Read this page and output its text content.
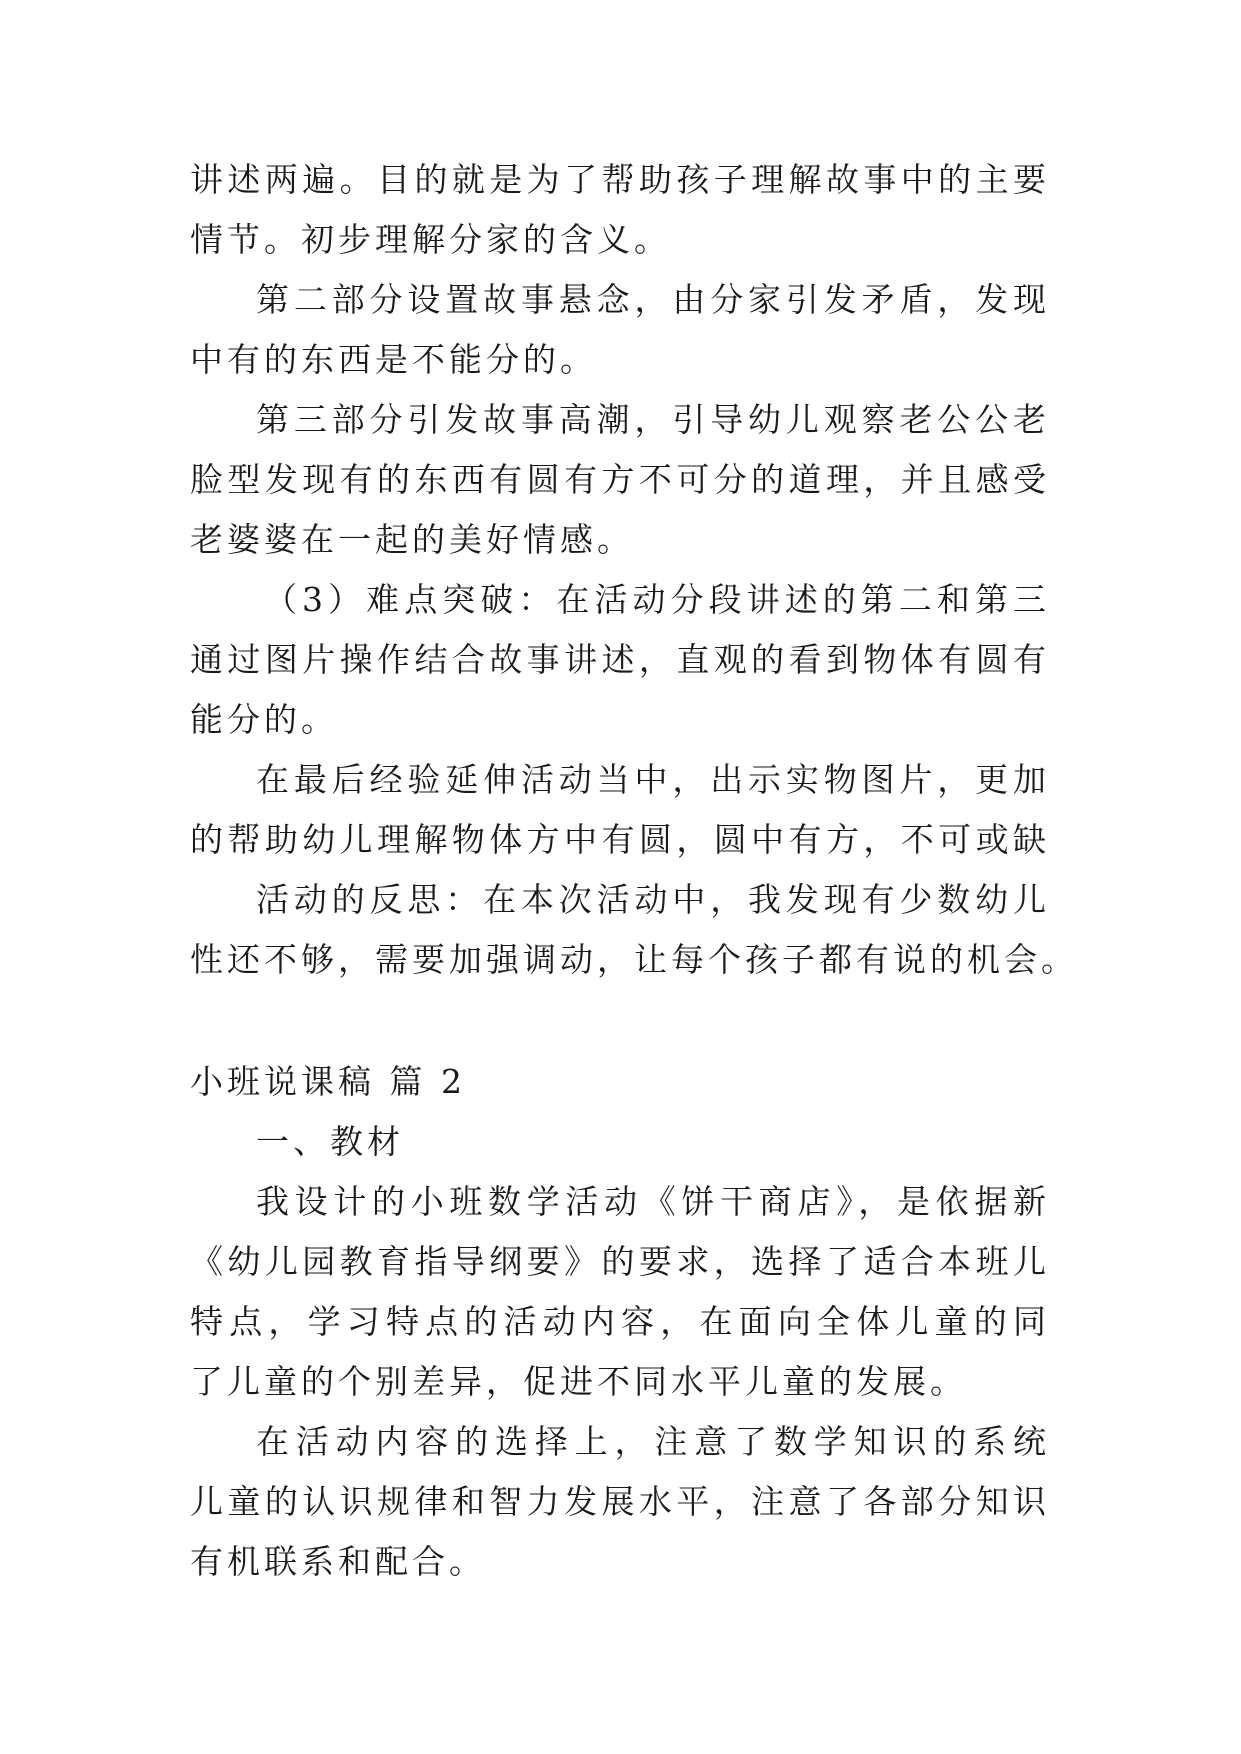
讲述两遍。目的就是为了帮助孩子理解故事中的主要
情节。初步理解分家的含义。
第二部分设置故事悬念，由分家引发矛盾，发现
中有的东西是不能分的。
第三部分引发故事高潮，引导幼儿观察老公公老
脸型发现有的东西有圆有方不可分的道理，并且感受
老婆婆在一起的美好情感。
（3）难点突破：在活动分段讲述的第二和第三
通过图片操作结合故事讲述，直观的看到物体有圆有
能分的。
在最后经验延伸活动当中，出示实物图片，更加
的帮助幼儿理解物体方中有圆，圆中有方，不可或缺
活动的反思：在本次活动中，我发现有少数幼儿
性还不够，需要加强调动，让每个孩子都有说的机会。
小班说课稿 篇 2
一、教材
我设计的小班数学活动《饼干商店》，是依据新
《幼儿园教育指导纲要》的要求，选择了适合本班儿
特点，学习特点的活动内容，在面向全体儿童的同
了儿童的个别差异，促进不同水平儿童的发展。
在活动内容的选择上，注意了数学知识的系统
儿童的认识规律和智力发展水平，注意了各部分知识
有机联系和配合。
